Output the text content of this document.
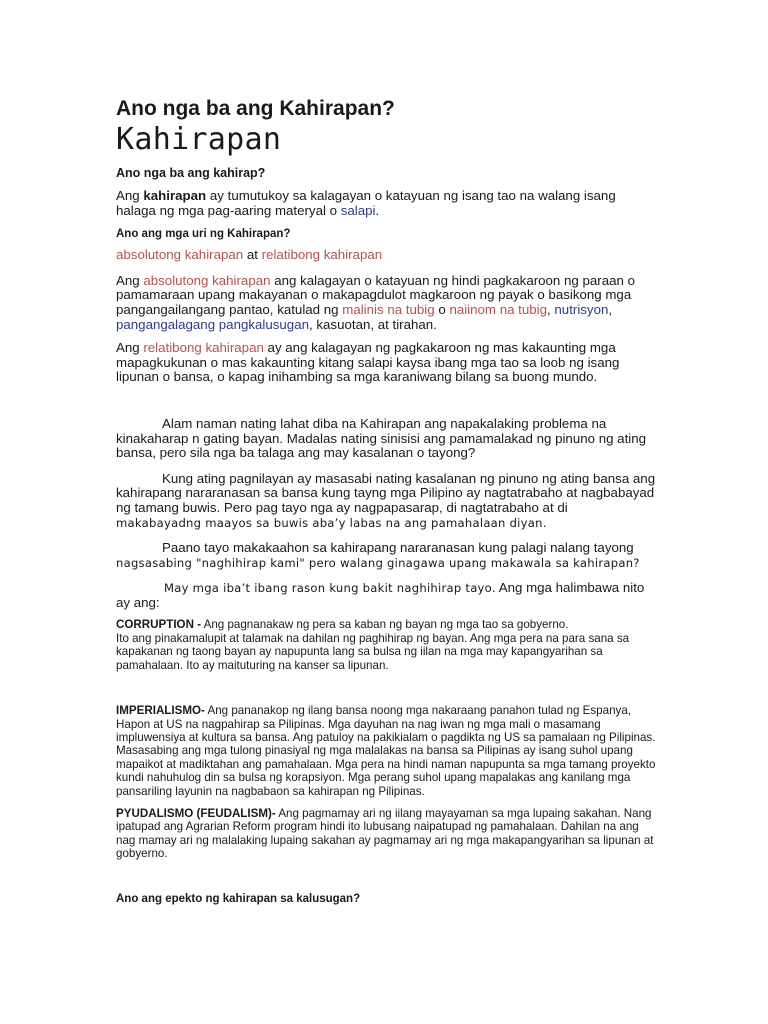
Ano nga ba ang Kahirapan?

Kahirapan

Ano nga ba ang kahirap?

Ang kahirapan ay tumutukoy sa kalagayan o katayuan ng isang tao na walang isang halaga ng mga pag-aaring materyal o salapi.

Ano ang mga uri ng Kahirapan?

absolutong kahirapan at relatibong kahirapan

Ang absolutong kahirapan ang kalagayan o katayuan ng hindi pagkakaroon ng paraan o pamamaraan upang makayanan o makapagdulot magkaroon ng payak o basikong mga pangangailangang pantao, katulad ng malinis na tubig o naiinom na tubig, nutrisyon, pangangalagang pangkalusugan, kasuotan, at tirahan.

Ang relatibong kahirapan ay ang kalagayan ng pagkakaroon ng mas kakaunting mga mapagkukunan o mas kakaunting kitang salapi kaysa ibang mga tao sa loob ng isang lipunan o bansa, o kapag inihambing sa mga karaniwang bilang sa buong mundo.

Alam naman nating lahat diba na Kahirapan ang napakalaking problema na kinakaharap n gating bayan. Madalas nating sinisisi ang pamamalakad ng pinuno ng ating bansa, pero sila nga ba talaga ang may kasalanan o tayong?

Kung ating pagnilayan ay masasabi nating kasalanan ng pinuno ng ating bansa ang kahirapang nararanasan sa bansa kung tayng mga Pilipino ay nagtatrabaho at nagbabayad ng tamang buwis. Pero pag tayo nga ay nagpapasarap, di nagtatrabaho at di makabayadng maayos sa buwis aba’y labas na ang pamahalaan diyan.

Paano tayo makakaahon sa kahirapang nararanasan kung palagi nalang tayong nagsasabing "naghihirap kami" pero walang ginagawa upang makawala sa kahirapan?

May mga iba’t ibang rason kung bakit naghihirap tayo. Ang mga halimbawa nito ay ang:

CORRUPTION - Ang pagnanakaw ng pera sa kaban ng bayan ng mga tao sa gobyerno.
Ito ang pinakamalupit at talamak na dahilan ng paghihirap ng bayan. Ang mga pera na para sana sa kapakanan ng taong bayan ay napupunta lang sa bulsa ng iilan na mga may kapangyarihan sa pamahalaan. Ito ay maituturing na kanser sa lipunan.

IMPERIALISMO- Ang pananakop ng ilang bansa noong mga nakaraang panahon tulad ng Espanya, Hapon at US na nagpahirap sa Pilipinas. Mga dayuhan na nag iwan ng mga mali o masamang impluwensiya at kultura sa bansa. Ang patuloy na pakikialam o pagdikta ng US sa pamalaan ng Pilipinas. Masasabing ang mga tulong pinasiyal ng mga malalakas na bansa sa Pilipinas ay isang suhol upang mapaikot at madiktahan ang pamahalaan. Mga pera na hindi naman napupunta sa mga tamang proyekto kundi nahuhulog din sa bulsa ng korapsiyon. Mga perang suhol upang mapalakas ang kanilang mga pansariling layunin na nagbabaon sa kahirapan ng Pilipinas.

PYUDALISMO (FEUDALISM)- Ang pagmamay ari ng iilang mayayaman sa mga lupaing sakahan. Nang ipatupad ang Agrarian Reform program hindi ito lubusang naipatupad ng pamahalaan. Dahilan na ang nag mamay ari ng malalaking lupaing sakahan ay pagmamay ari ng mga makapangyarihan sa lipunan at gobyerno.

Ano ang epekto ng kahirapan sa kalusugan?
